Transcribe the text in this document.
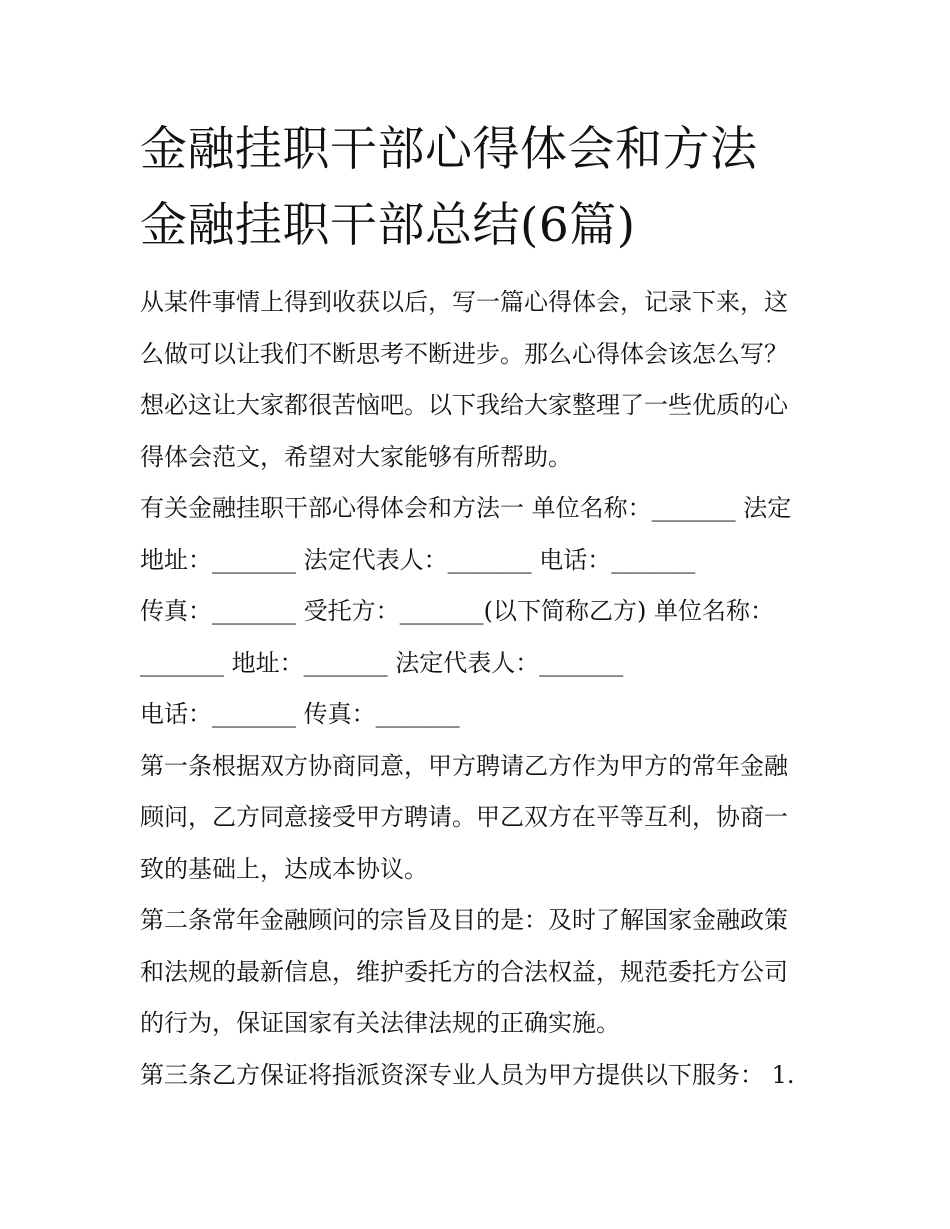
金融挂职干部心得体会和方法
金融挂职干部总结(6篇)

从某件事情上得到收获以后，写一篇心得体会，记录下来，这
么做可以让我们不断思考不断进步。那么心得体会该怎么写？
想必这让大家都很苦恼吧。以下我给大家整理了一些优质的心
得体会范文，希望对大家能够有所帮助。

有关金融挂职干部心得体会和方法一 单位名称：_______ 法定
地址：_______ 法定代表人：_______ 电话：_______
传真：_______ 受托方：_______(以下简称乙方) 单位名称：
_______ 地址：_______ 法定代表人：_______
电话：_______ 传真：_______

第一条根据双方协商同意，甲方聘请乙方作为甲方的常年金融
顾问，乙方同意接受甲方聘请。甲乙双方在平等互利，协商一
致的基础上，达成本协议。

第二条常年金融顾问的宗旨及目的是：及时了解国家金融政策
和法规的最新信息，维护委托方的合法权益，规范委托方公司
的行为，保证国家有关法律法规的正确实施。

第三条乙方保证将指派资深专业人员为甲方提供以下服务： 1.
